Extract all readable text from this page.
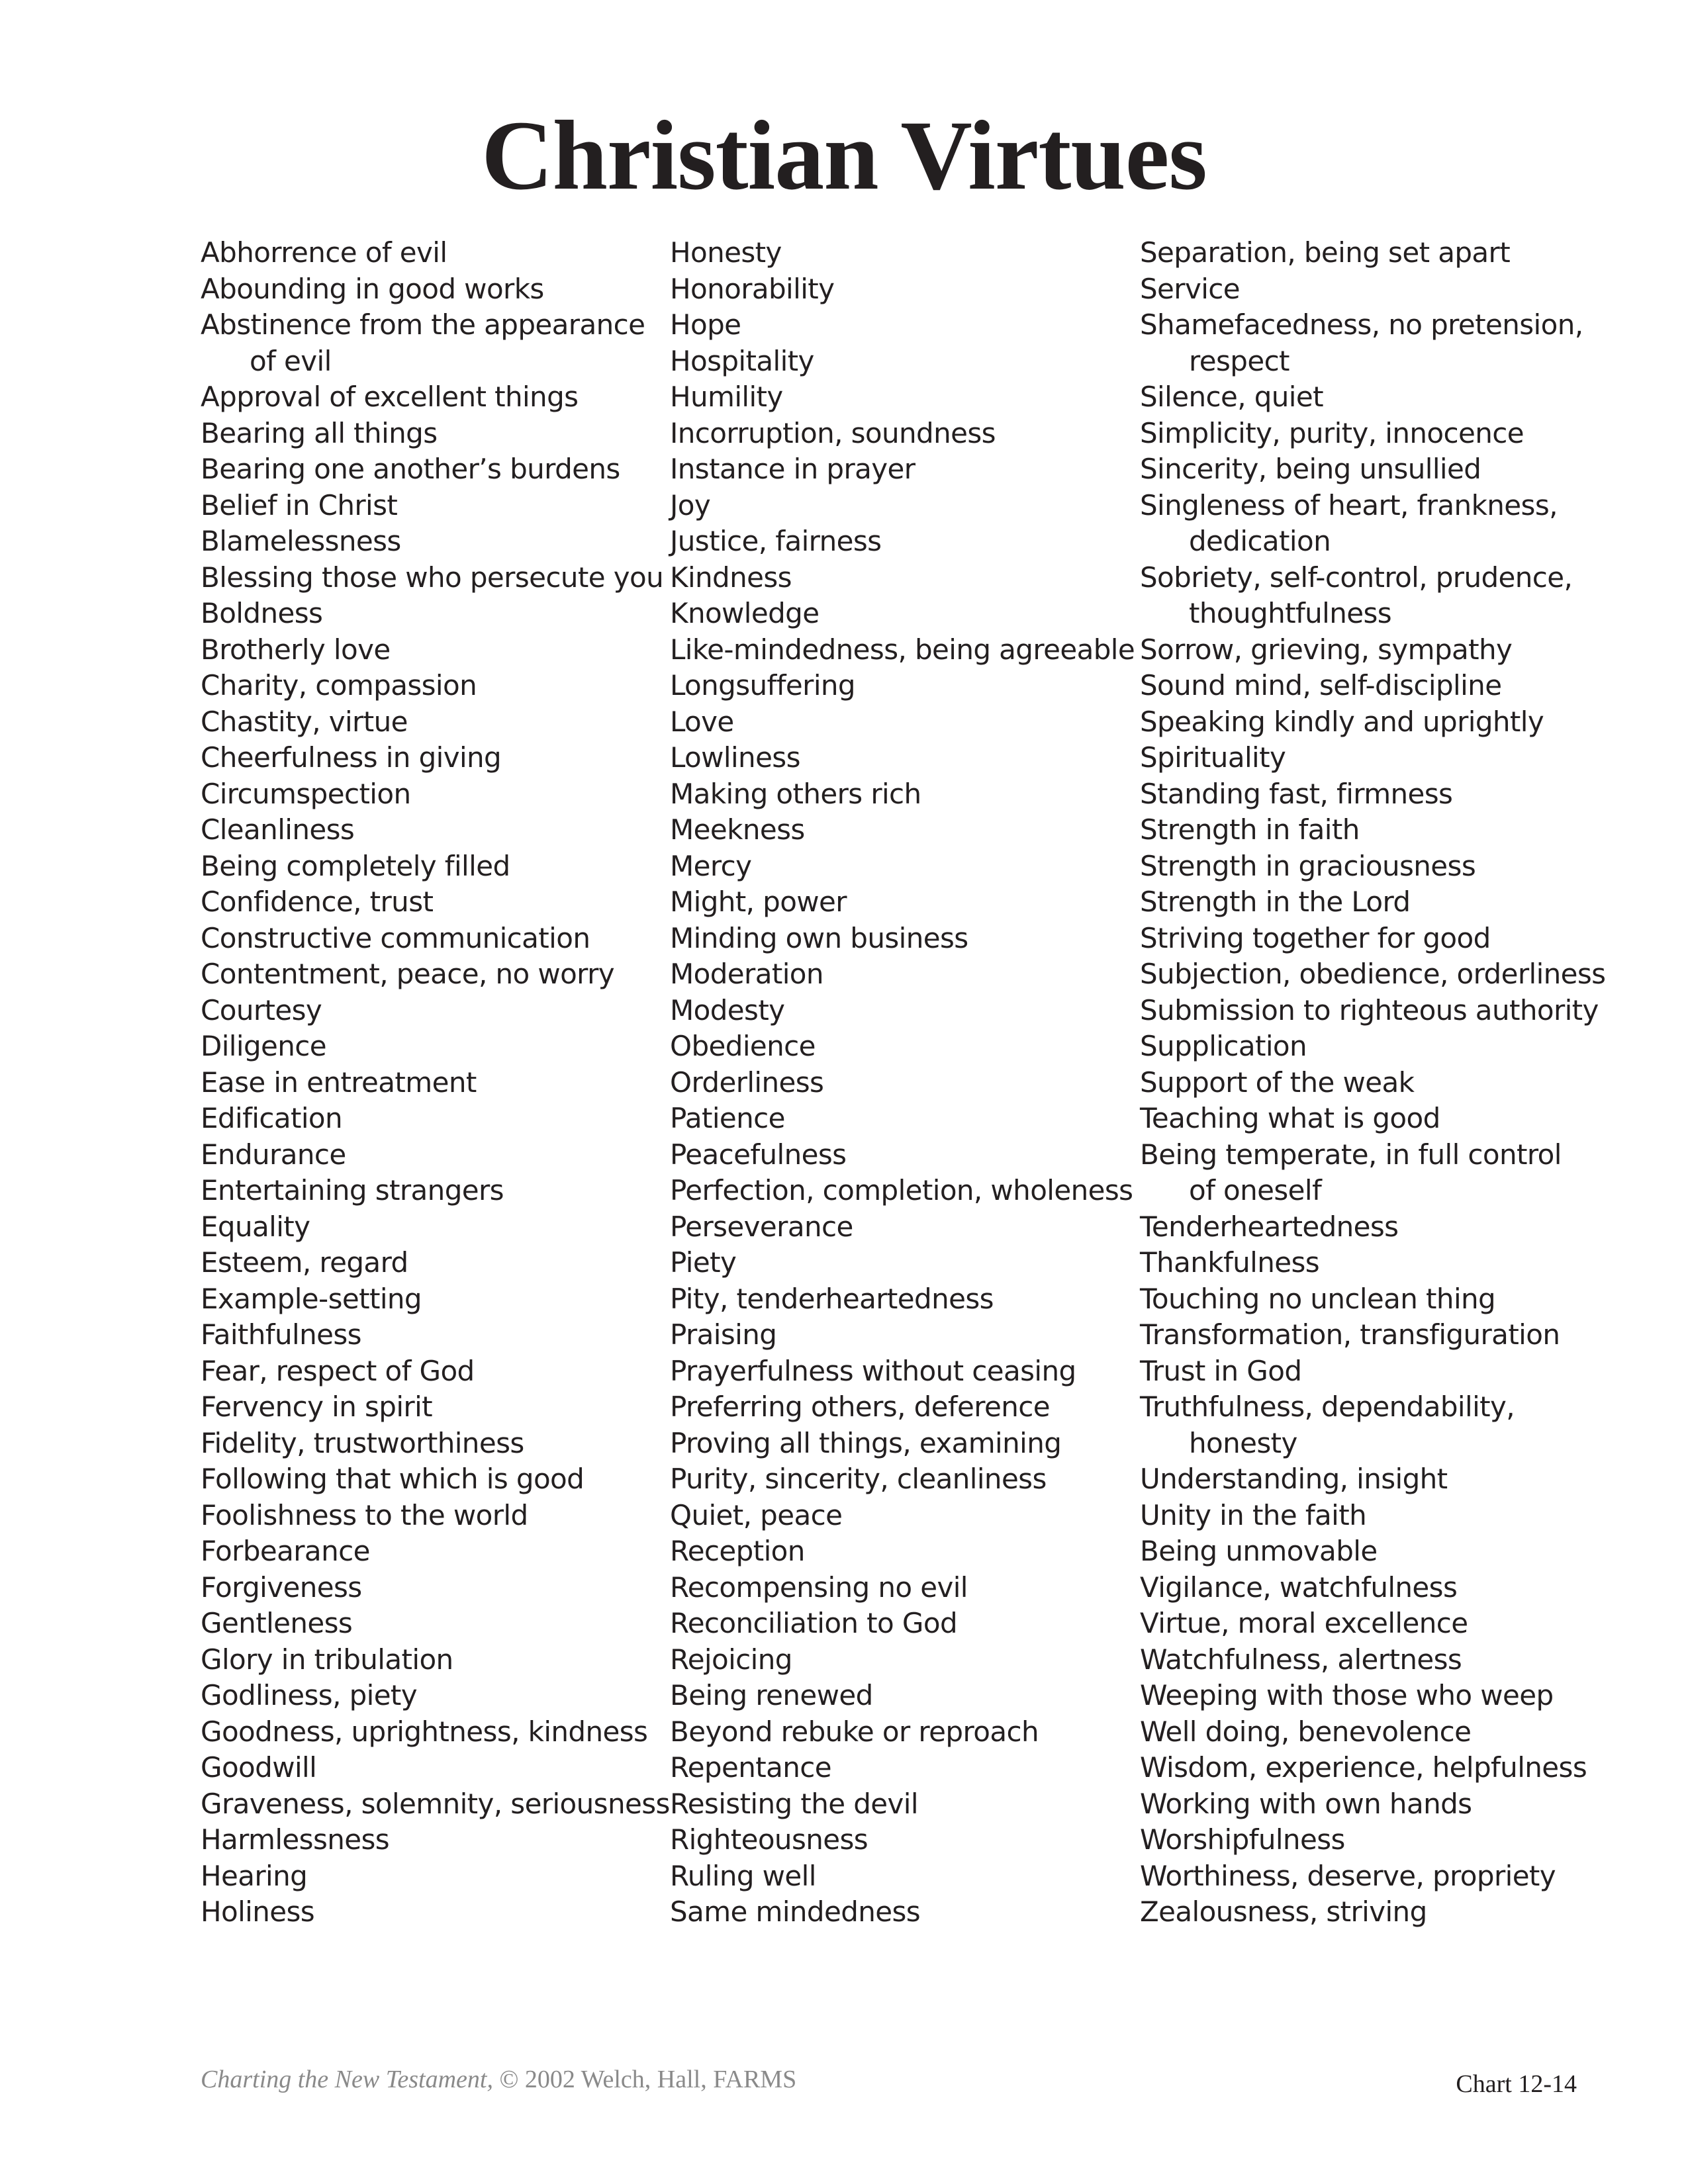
Christian Virtues
Abhorrence of evil
Abounding in good works
Abstinence from the appearance
of evil
Approval of excellent things
Bearing all things
Bearing one another’s burdens
Belief in Christ
Blamelessness
Blessing those who persecute you
Boldness
Brotherly love
Charity, compassion
Chastity, virtue
Cheerfulness in giving
Circumspection
Cleanliness
Being completely filled
Confidence, trust
Constructive communication
Contentment, peace, no worry
Courtesy
Diligence
Ease in entreatment
Edification
Endurance
Entertaining strangers
Equality
Esteem, regard
Example-setting
Faithfulness
Fear, respect of God
Fervency in spirit
Fidelity, trustworthiness
Following that which is good
Foolishness to the world
Forbearance
Forgiveness
Gentleness
Glory in tribulation
Godliness, piety
Goodness, uprightness, kindness
Goodwill
Graveness, solemnity, seriousness
Harmlessness
Hearing
Holiness
Honesty
Honorability
Hope
Hospitality
Humility
Incorruption, soundness
Instance in prayer
Joy
Justice, fairness
Kindness
Knowledge
Like-mindedness, being agreeable
Longsuffering
Love
Lowliness
Making others rich
Meekness
Mercy
Might, power
Minding own business
Moderation
Modesty
Obedience
Orderliness
Patience
Peacefulness
Perfection, completion, wholeness
Perseverance
Piety
Pity, tenderheartedness
Praising
Prayerfulness without ceasing
Preferring others, deference
Proving all things, examining
Purity, sincerity, cleanliness
Quiet, peace
Reception
Recompensing no evil
Reconciliation to God
Rejoicing
Being renewed
Beyond rebuke or reproach
Repentance
Resisting the devil
Righteousness
Ruling well
Same mindedness
Separation, being set apart
Service
Shamefacedness, no pretension,
respect
Silence, quiet
Simplicity, purity, innocence
Sincerity, being unsullied
Singleness of heart, frankness,
dedication
Sobriety, self-control, prudence,
thoughtfulness
Sorrow, grieving, sympathy
Sound mind, self-discipline
Speaking kindly and uprightly
Spirituality
Standing fast, firmness
Strength in faith
Strength in graciousness
Strength in the Lord
Striving together for good
Subjection, obedience, orderliness
Submission to righteous authority
Supplication
Support of the weak
Teaching what is good
Being temperate, in full control
of oneself
Tenderheartedness
Thankfulness
Touching no unclean thing
Transformation, transfiguration
Trust in God
Truthfulness, dependability,
honesty
Understanding, insight
Unity in the faith
Being unmovable
Vigilance, watchfulness
Virtue, moral excellence
Watchfulness, alertness
Weeping with those who weep
Well doing, benevolence
Wisdom, experience, helpfulness
Working with own hands
Worshipfulness
Worthiness, deserve, propriety
Zealousness, striving
Charting the New Testament, © 2002 Welch, Hall, FARMS	Chart 12-14
